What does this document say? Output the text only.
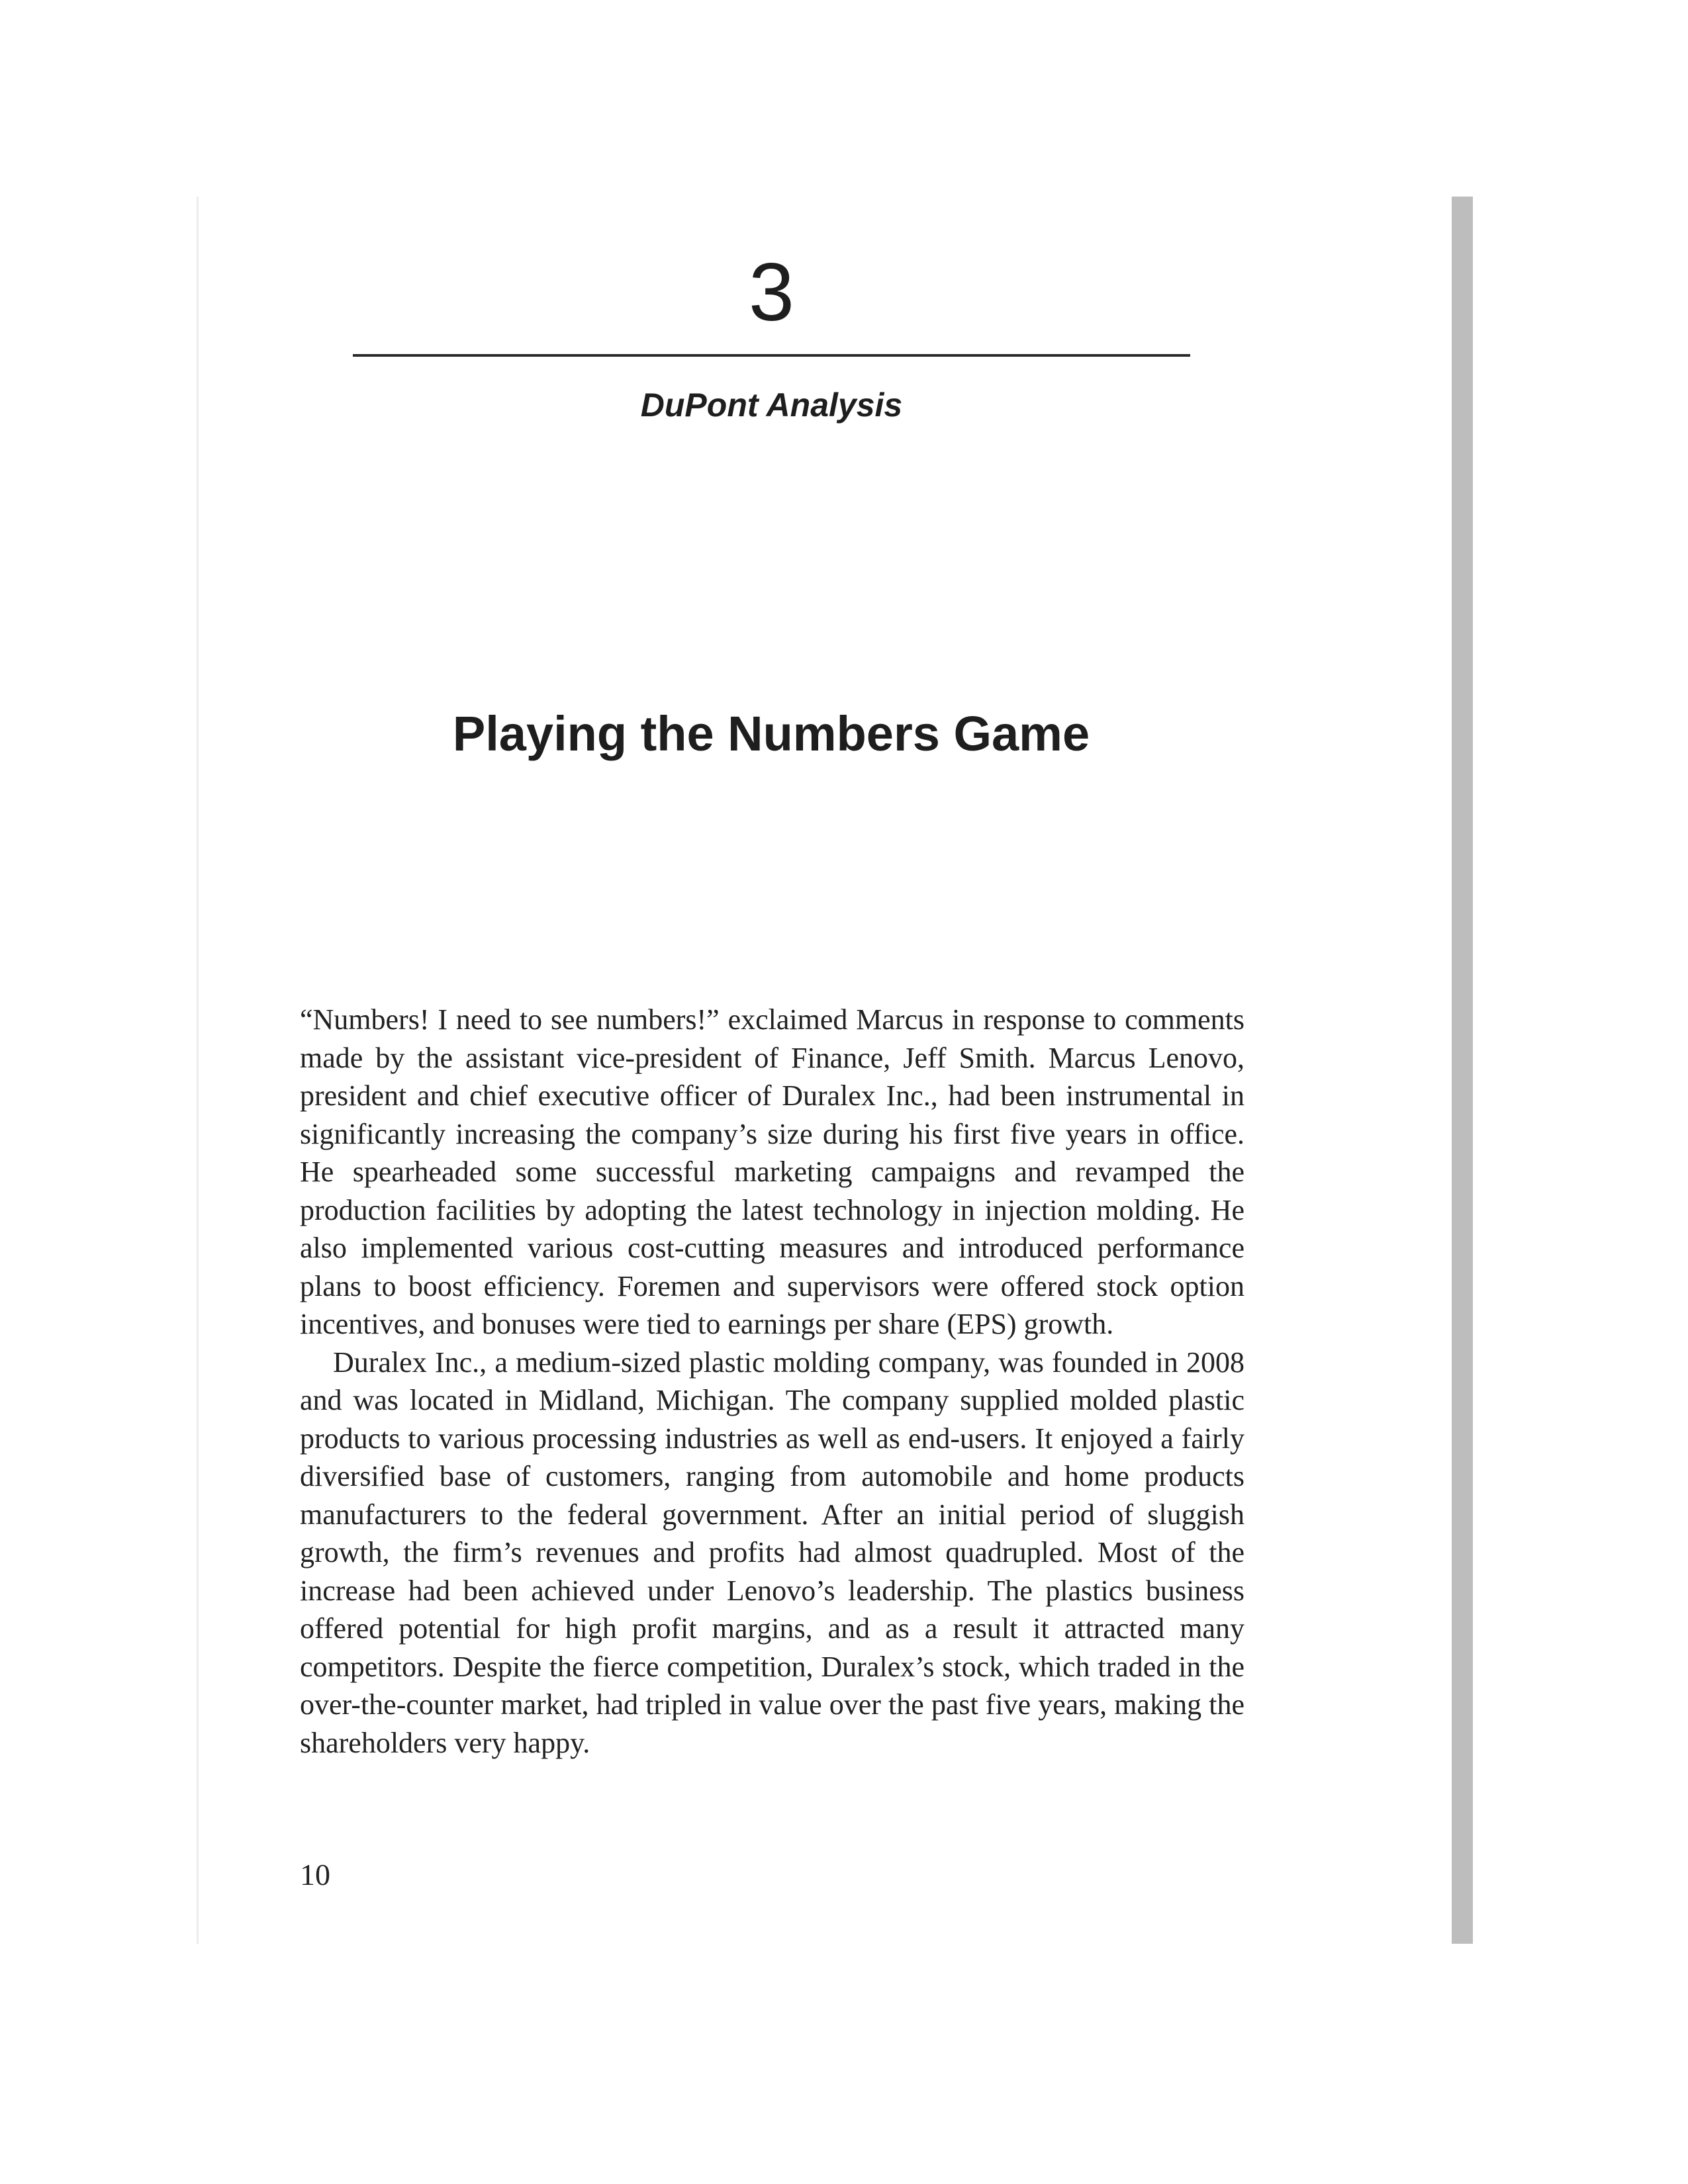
3
DuPont Analysis
Playing the Numbers Game

“Numbers! I need to see numbers!” exclaimed Marcus in response to comments made by the assistant vice-president of Finance, Jeff Smith. Marcus Lenovo, president and chief executive officer of Duralex Inc., had been instrumental in significantly increasing the company’s size during his first five years in office. He spearheaded some successful marketing campaigns and revamped the production facilities by adopting the latest technology in injection molding. He also implemented various cost-cutting measures and introduced performance plans to boost efficiency. Foremen and supervisors were offered stock option incentives, and bonuses were tied to earnings per share (EPS) growth.

Duralex Inc., a medium-sized plastic molding company, was founded in 2008 and was located in Midland, Michigan. The company supplied molded plastic products to various processing industries as well as end-users. It enjoyed a fairly diversified base of customers, ranging from automobile and home products manufacturers to the federal government. After an initial period of sluggish growth, the firm’s revenues and profits had almost quadrupled. Most of the increase had been achieved under Lenovo’s leadership. The plastics business offered potential for high profit margins, and as a result it attracted many competitors. Despite the fierce competition, Duralex’s stock, which traded in the over-the-counter market, had tripled in value over the past five years, making the shareholders very happy.

10
